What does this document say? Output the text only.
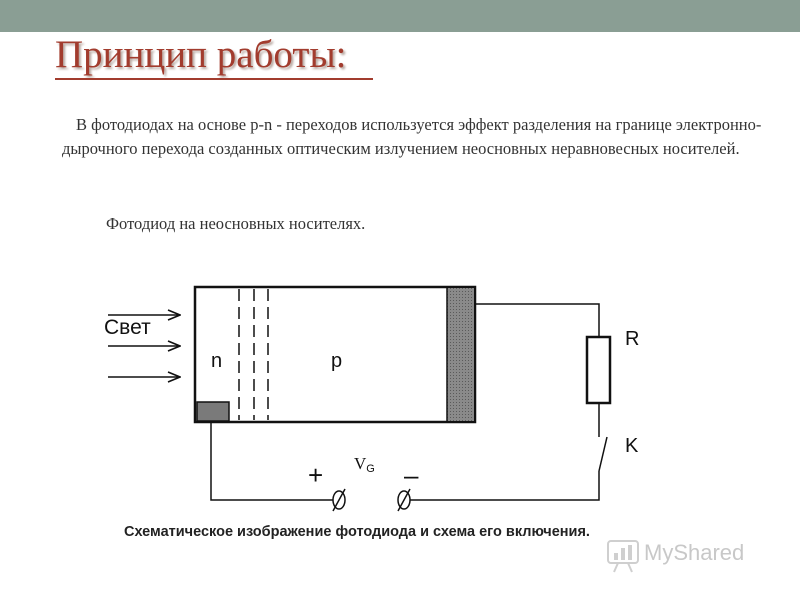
Принцип работы:

В фотодиодах на основе p-n - переходов используется эффект разделения на границе электронно-дырочного перехода созданных оптическим излучением неосновных неравновесных носителей.

Фотодиод на неосновных носителях.

Свет
n	p
R
K
+	–
VG

Схематическое изображение фотодиода и схема его включения.

MyShared
